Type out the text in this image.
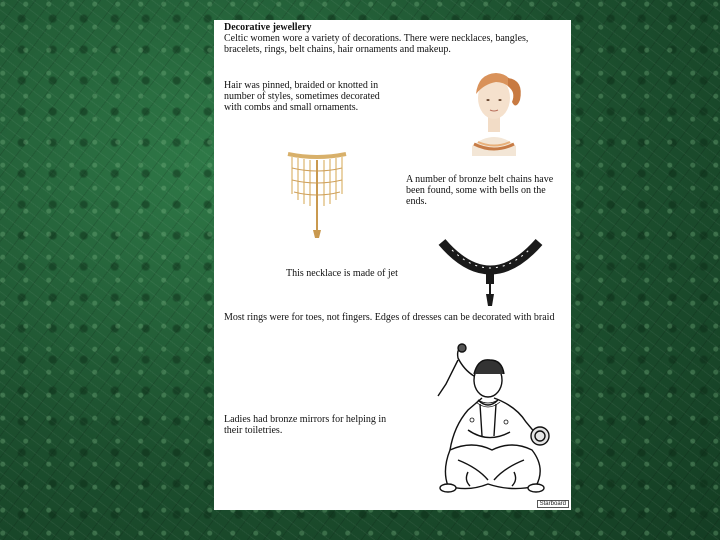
Decorative jewellery
Celtic women wore a variety of decorations. There were necklaces, bangles, bracelets, rings, belt chains, hair ornaments and makeup.
Hair was pinned, braided or knotted in number of styles, sometimes decorated with combs and small ornaments.
A number of bronze belt chains have been found, some with bells on the ends.
This necklace is made of jet
Most rings were for toes, not fingers. Edges of dresses can be decorated with braid
Ladies had bronze mirrors for helping in their toiletries.
Starboard
